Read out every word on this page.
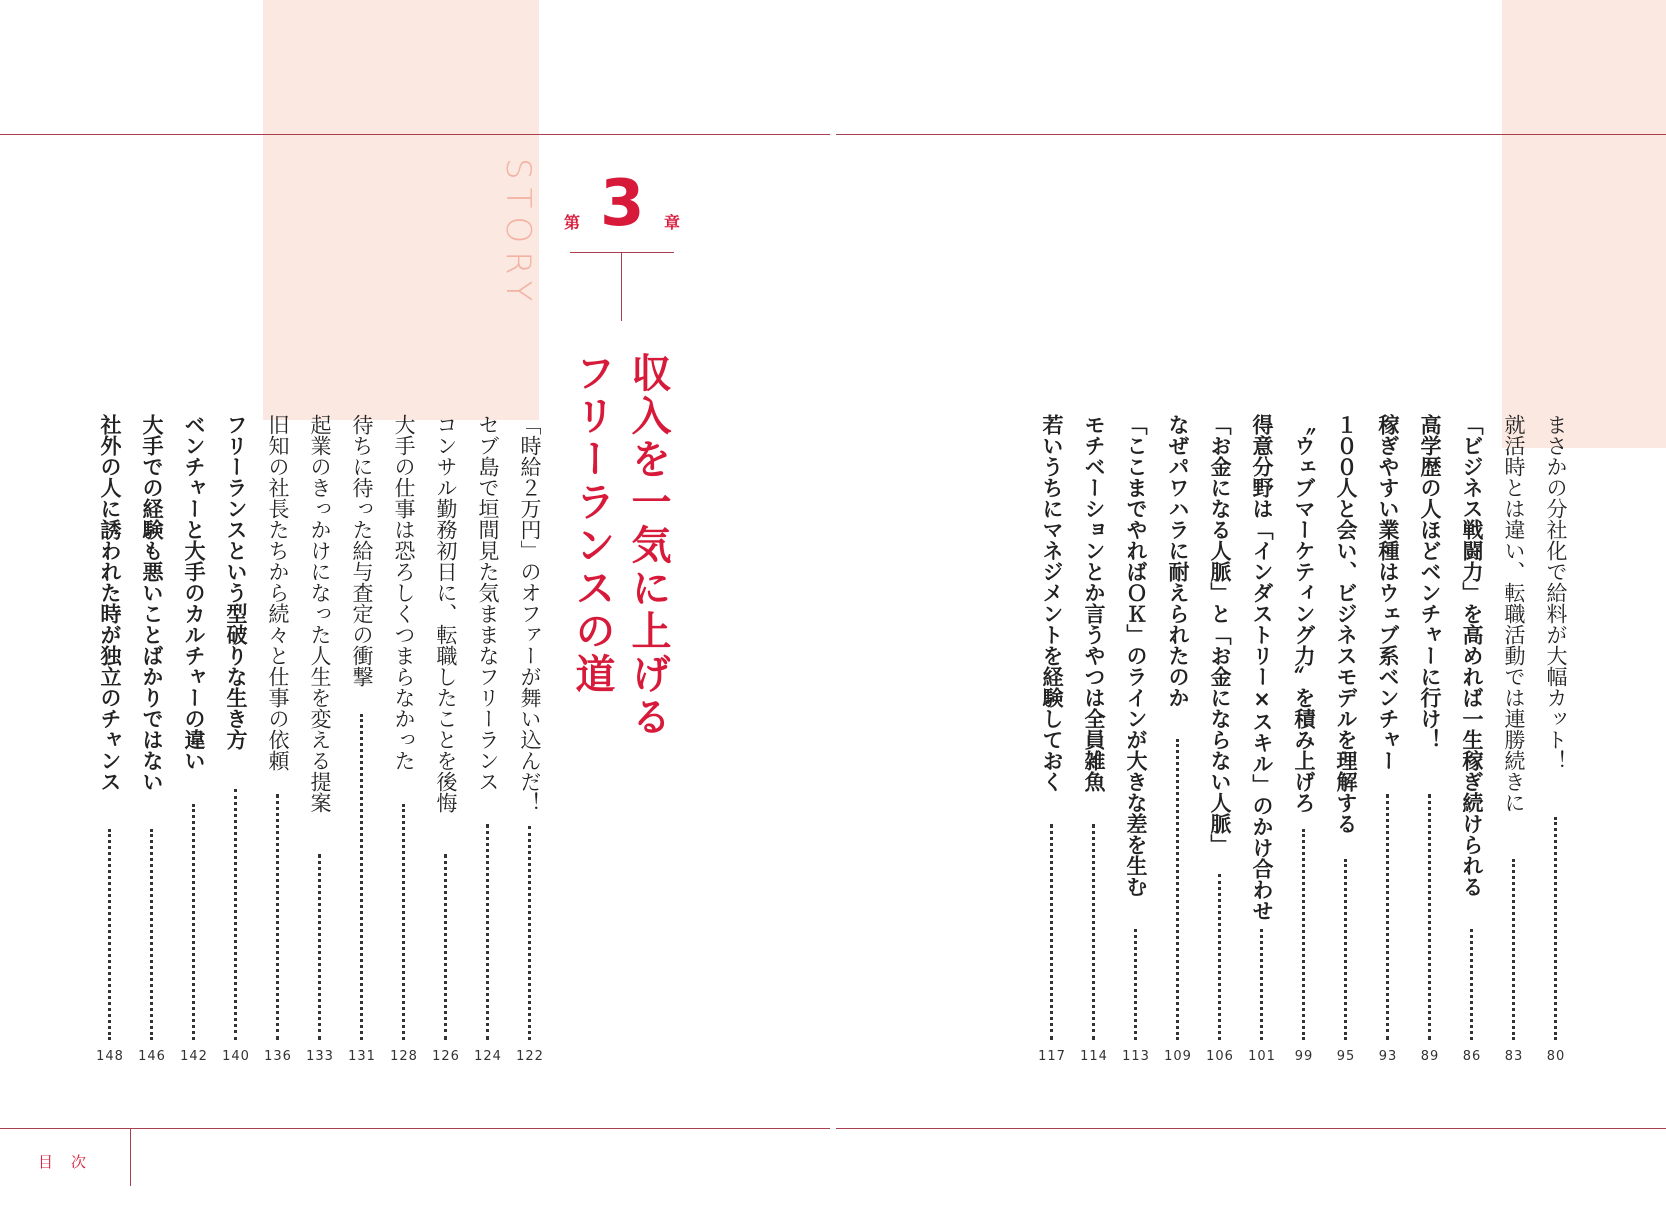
目次
STORY 第 3 章
収入を一気に上げる
フリーランスの道	まさかの分社化で給料が大幅カット！
80
就活時とは違い、転職活動では連勝続きに
83
「ビジネス戦闘力」を高めれば一生稼ぎ続けられる
86
高学歴の人ほどベンチャーに行け！
89
稼ぎやすい業種はウェブ系ベンチャー
93
１００人と会い、ビジネスモデルを理解する
95
〝ウェブマーケティング力〟を積み上げろ
99
得意分野は「インダストリー×スキル」のかけ合わせ
101
「お金になる人脈」と「お金にならない人脈」
106
なぜパワハラに耐えられたのか
109
「ここまでやればＯＫ」のラインが大きな差を生む
113
モチベーションとか言うやつは全員雑魚
114
若いうちにマネジメントを経験しておく
117
「時給２万円」のオファーが舞い込んだ！
122
セブ島で垣間見た気ままなフリーランス
124
コンサル勤務初日に、転職したことを後悔
126
大手の仕事は恐ろしくつまらなかった
128
待ちに待った給与査定の衝撃
131
起業のきっかけになった人生を変える提案
133
旧知の社長たちから続々と仕事の依頼
136
フリーランスという型破りな生き方
140
ベンチャーと大手のカルチャーの違い
142
大手での経験も悪いことばかりではない
146
社外の人に誘われた時が独立のチャンス
148
